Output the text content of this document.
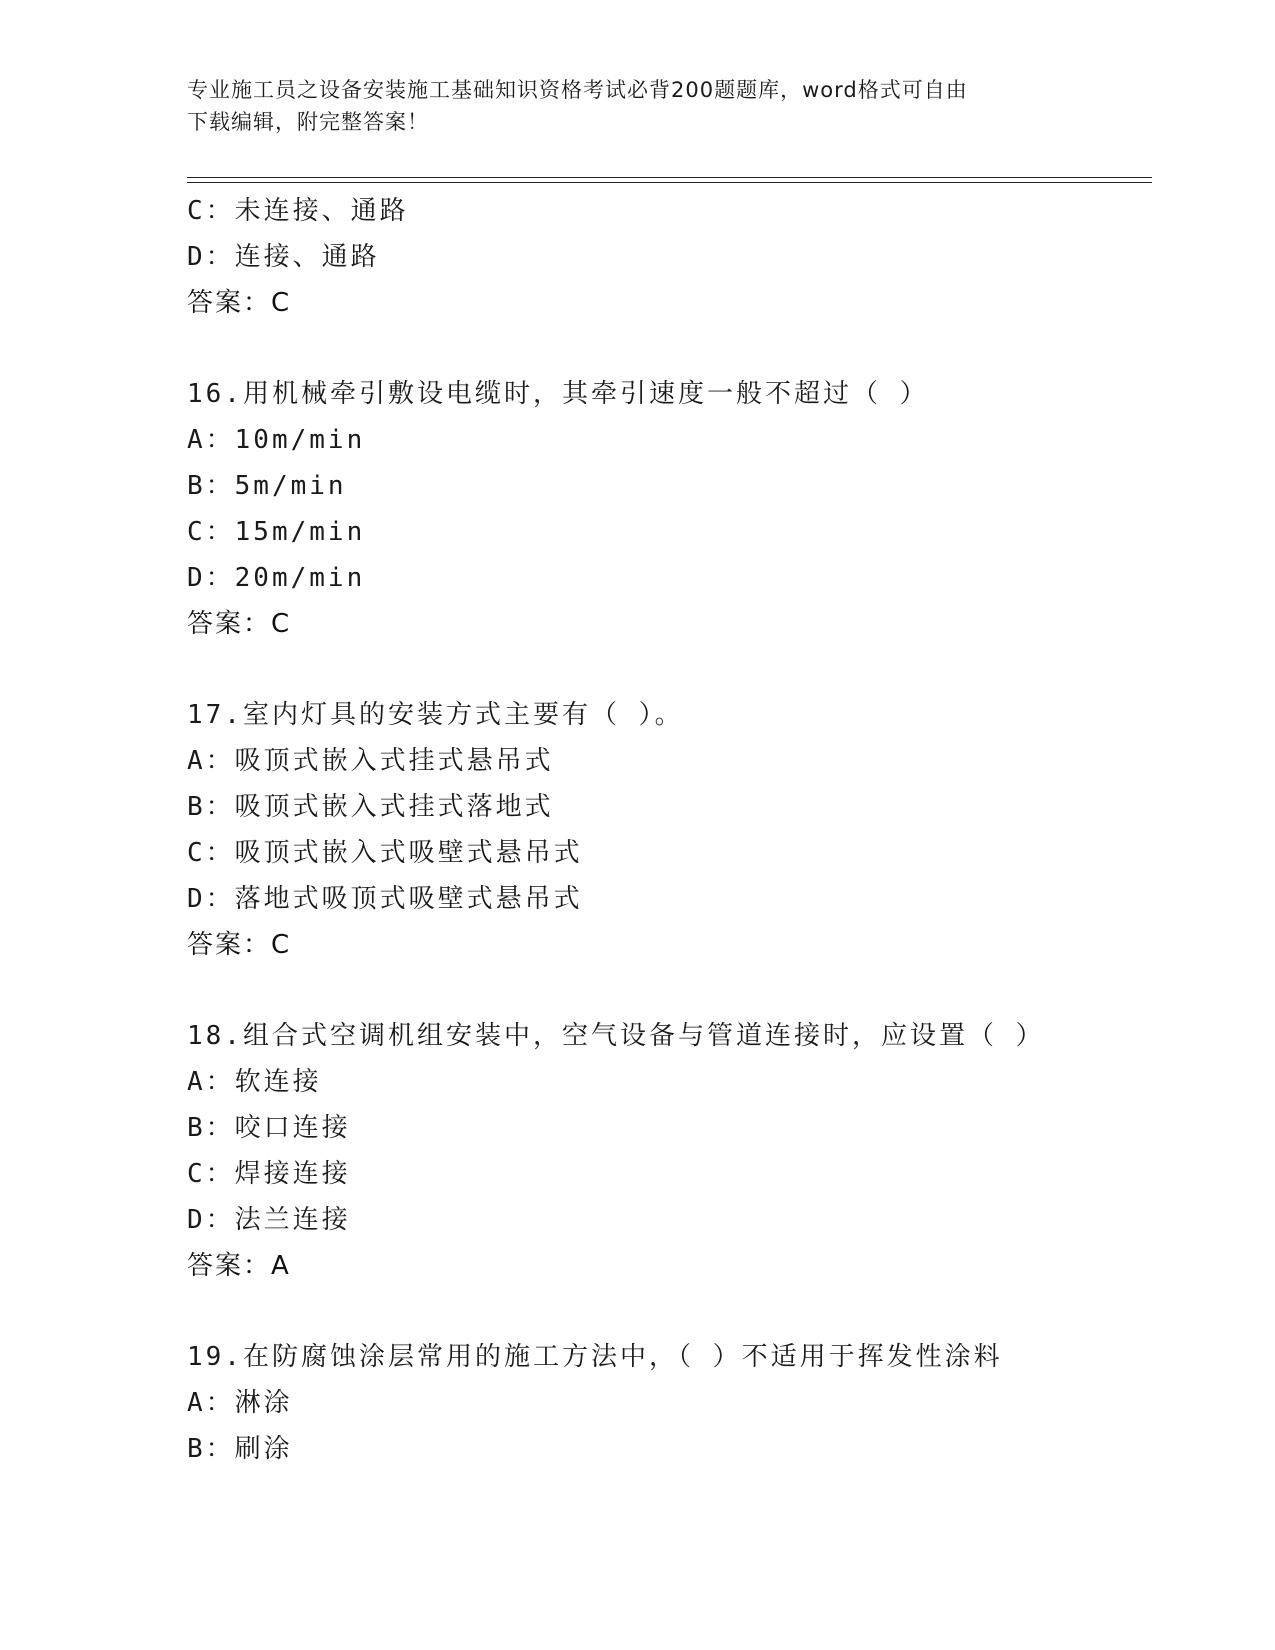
专业施工员之设备安装施工基础知识资格考试必背200题题库，word格式可自由
下载编辑，附完整答案！
C：未连接、通路
D：连接、通路
答案：C
16.用机械牵引敷设电缆时，其牵引速度一般不超过（ ）
A：10m/min
B：5m/min
C：15m/min
D：20m/min
答案：C
17.室内灯具的安装方式主要有（ ）。
A：吸顶式嵌入式挂式悬吊式
B：吸顶式嵌入式挂式落地式
C：吸顶式嵌入式吸壁式悬吊式
D：落地式吸顶式吸壁式悬吊式
答案：C
18.组合式空调机组安装中，空气设备与管道连接时，应设置（ ）
A：软连接
B：咬口连接
C：焊接连接
D：法兰连接
答案：A
19.在防腐蚀涂层常用的施工方法中，（ ）不适用于挥发性涂料
A：淋涂
B：刷涂
